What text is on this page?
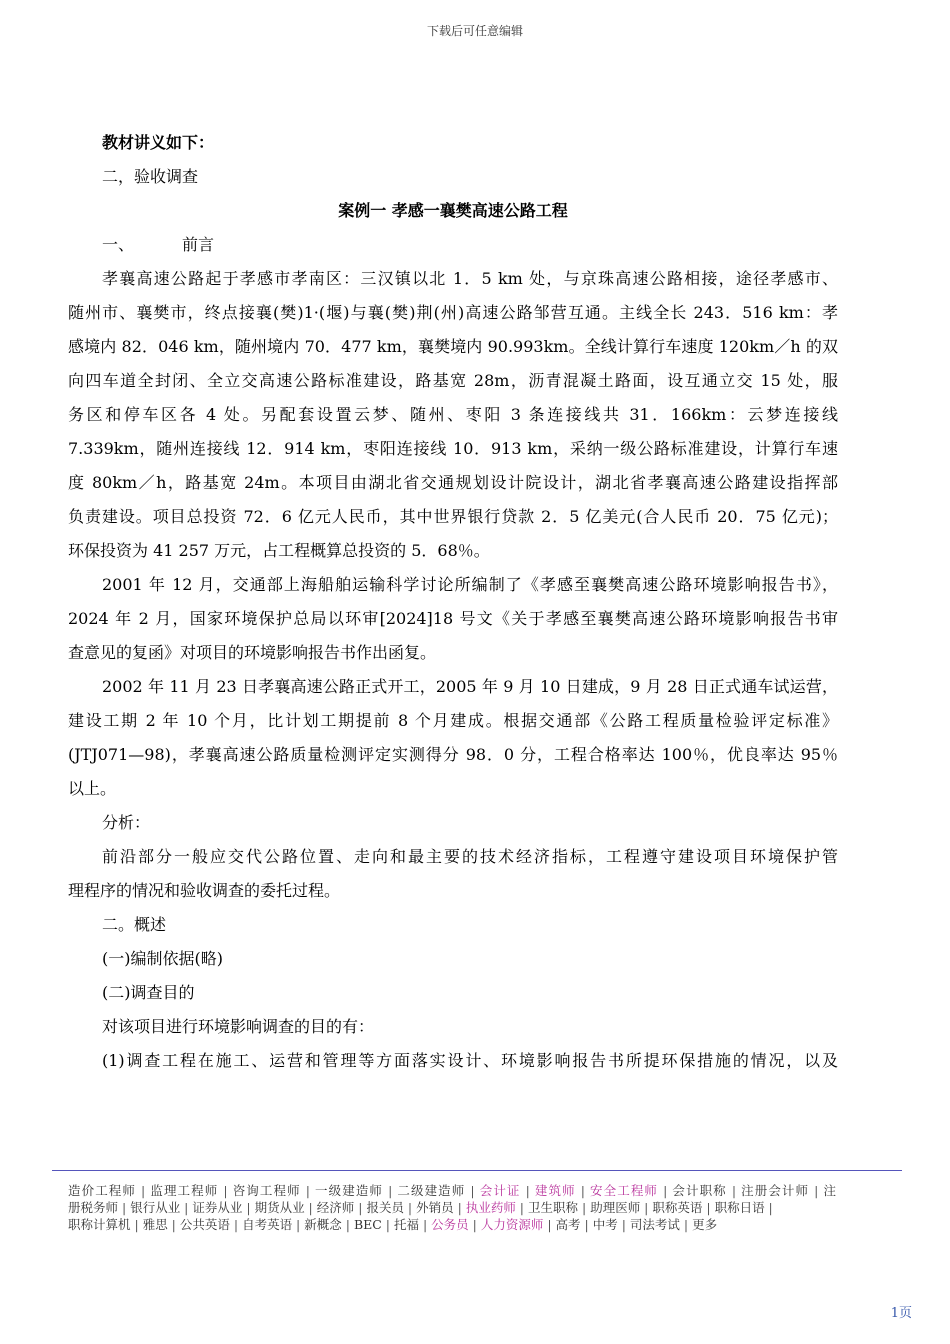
下载后可任意编辑
教材讲义如下：
二，验收调查
案例一 孝感一襄樊高速公路工程
一、	前言
孝襄高速公路起于孝感市孝南区：三汉镇以北 1．5 km 处，与京珠高速公路相接，途径孝感市、
随州市、襄樊市，终点接襄(樊)1·(堰)与襄(樊)荆(州)高速公路邹营互通。主线全长 243．516 km：孝
感境内 82．046 km，随州境内 70．477 km，襄樊境内 90.993km。全线计算行车速度 120km／h 的双
向四车道全封闭、全立交高速公路标准建设，路基宽 28m，沥青混凝土路面，设互通立交 15 处，服
务区和停车区各 4 处。另配套设置云梦、随州、枣阳 3 条连接线共 31．166km：云梦连接线
7.339km，随州连接线 12．914 km，枣阳连接线 10．913 km，采纳一级公路标准建设，计算行车速
度 80km／h，路基宽 24m。本项目由湖北省交通规划设计院设计，湖北省孝襄高速公路建设指挥部
负责建设。项目总投资 72．6 亿元人民币，其中世界银行贷款 2．5 亿美元(合人民币 20．75 亿元)；
环保投资为 41 257 万元，占工程概算总投资的 5．68％。
2001 年 12 月，交通部上海船舶运输科学讨论所编制了《孝感至襄樊高速公路环境影响报告书》，
2024 年 2 月，国家环境保护总局以环审[2024]18 号文《关于孝感至襄樊高速公路环境影响报告书审
查意见的复函》对项目的环境影响报告书作出函复。
2002 年 11 月 23 日孝襄高速公路正式开工，2005 年 9 月 10 日建成，9 月 28 日正式通车试运营，
建设工期 2 年 10 个月，比计划工期提前 8 个月建成。根据交通部《公路工程质量检验评定标准》
(JTJ071—98)，孝襄高速公路质量检测评定实测得分 98．0 分，工程合格率达 100％，优良率达 95％
以上。
分析：
前沿部分一般应交代公路位置、走向和最主要的技术经济指标，工程遵守建设项目环境保护管
理程序的情况和验收调查的委托过程。
二。概述
(一)编制依据(略)
(二)调查目的
对该项目进行环境影响调查的目的有：
(1)调查工程在施工、运营和管理等方面落实设计、环境影响报告书所提环保措施的情况，以及
造价工程师 | 监理工程师 | 咨询工程师 | 一级建造师 | 二级建造师 | 会计证 | 建筑师 | 安全工程师 | 会计职称 | 注册会计师 | 注
册税务师 | 银行从业 | 证券从业 | 期货从业 | 经济师 | 报关员 | 外销员 | 执业药师 | 卫生职称 | 助理医师 | 职称英语 | 职称日语 |
职称计算机 | 雅思 | 公共英语 | 自考英语 | 新概念 | BEC | 托福 | 公务员 | 人力资源师 | 高考 | 中考 | 司法考试 | 更多
1页
